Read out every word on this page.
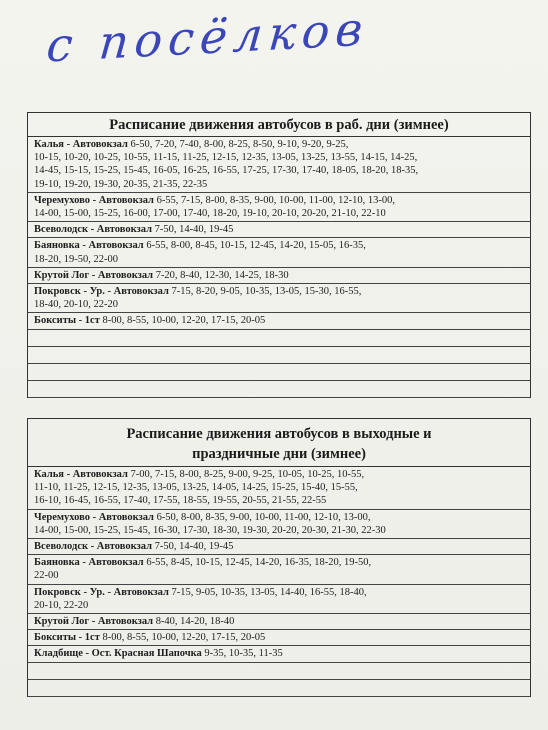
с посёлков
Расписание движения автобусов в раб. дни (зимнее)
Калья - Автовокзал 6-50, 7-20, 7-40, 8-00, 8-25, 8-50, 9-10, 9-20, 9-25,
10-15, 10-20, 10-25, 10-55, 11-15, 11-25, 12-15, 12-35, 13-05, 13-25, 13-55, 14-15, 14-25,
14-45, 15-15, 15-25, 15-45, 16-05, 16-25, 16-55, 17-25, 17-30, 17-40, 18-05, 18-20, 18-35,
19-10, 19-20, 19-30, 20-35, 21-35, 22-35
Черемухово - Автовокзал 6-55, 7-15, 8-00, 8-35, 9-00, 10-00, 11-00, 12-10, 13-00,
14-00, 15-00, 15-25, 16-00, 17-00, 17-40, 18-20, 19-10, 20-10, 20-20, 21-10, 22-10
Всеволодск - Автовокзал 7-50, 14-40, 19-45
Баяновка - Автовокзал 6-55, 8-00, 8-45, 10-15, 12-45, 14-20, 15-05, 16-35,
18-20, 19-50, 22-00
Крутой Лог - Автовокзал 7-20, 8-40, 12-30, 14-25, 18-30
Покровск - Ур. - Автовокзал 7-15, 8-20, 9-05, 10-35, 13-05, 15-30, 16-55,
18-40, 20-10, 22-20
Бокситы - 1ст 8-00, 8-55, 10-00, 12-20, 17-15, 20-05
Расписание движения автобусов в выходные и
праздничные дни (зимнее)
Калья - Автовокзал 7-00, 7-15, 8-00, 8-25, 9-00, 9-25, 10-05, 10-25, 10-55,
11-10, 11-25, 12-15, 12-35, 13-05, 13-25, 14-05, 14-25, 15-25, 15-40, 15-55,
16-10, 16-45, 16-55, 17-40, 17-55, 18-55, 19-55, 20-55, 21-55, 22-55
Черемухово - Автовокзал 6-50, 8-00, 8-35, 9-00, 10-00, 11-00, 12-10, 13-00,
14-00, 15-00, 15-25, 15-45, 16-30, 17-30, 18-30, 19-30, 20-20, 20-30, 21-30, 22-30
Всеволодск - Автовокзал 7-50, 14-40, 19-45
Баяновка - Автовокзал 6-55, 8-45, 10-15, 12-45, 14-20, 16-35, 18-20, 19-50,
22-00
Покровск - Ур. - Автовокзал 7-15, 9-05, 10-35, 13-05, 14-40, 16-55, 18-40,
20-10, 22-20
Крутой Лог - Автовокзал 8-40, 14-20, 18-40
Бокситы - 1ст 8-00, 8-55, 10-00, 12-20, 17-15, 20-05
Кладбище - Ост. Красная Шапочка 9-35, 10-35, 11-35
